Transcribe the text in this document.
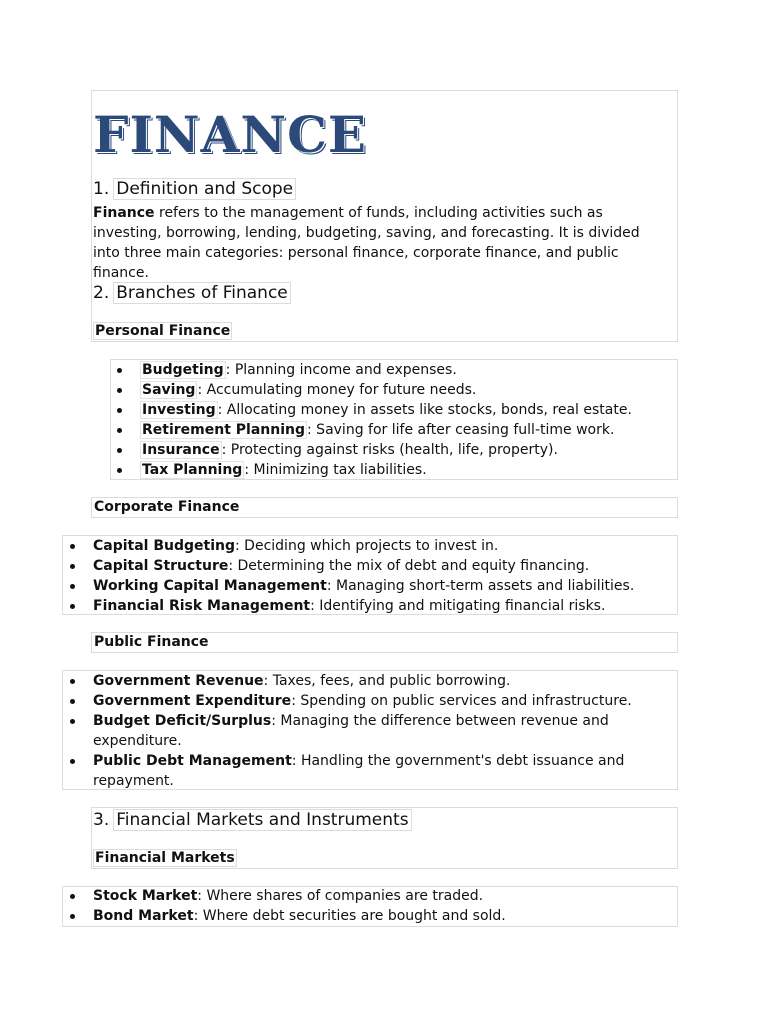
FINANCE
1. Definition and Scope
Finance refers to the management of funds, including activities such as investing, borrowing, lending, budgeting, saving, and forecasting. It is divided into three main categories: personal finance, corporate finance, and public finance.
2. Branches of Finance
Personal Finance
Budgeting : Planning income and expenses.
Saving : Accumulating money for future needs.
Investing : Allocating money in assets like stocks, bonds, real estate.
Retirement Planning : Saving for life after ceasing full-time work.
Insurance : Protecting against risks (health, life, property).
Tax Planning : Minimizing tax liabilities.
Corporate Finance
Capital Budgeting: Deciding which projects to invest in.
Capital Structure: Determining the mix of debt and equity financing.
Working Capital Management: Managing short-term assets and liabilities.
Financial Risk Management: Identifying and mitigating financial risks.
Public Finance
Government Revenue: Taxes, fees, and public borrowing.
Government Expenditure: Spending on public services and infrastructure.
Budget Deficit/Surplus: Managing the difference between revenue and expenditure.
Public Debt Management: Handling the government's debt issuance and repayment.
3. Financial Markets and Instruments
Financial Markets
Stock Market: Where shares of companies are traded.
Bond Market: Where debt securities are bought and sold.
